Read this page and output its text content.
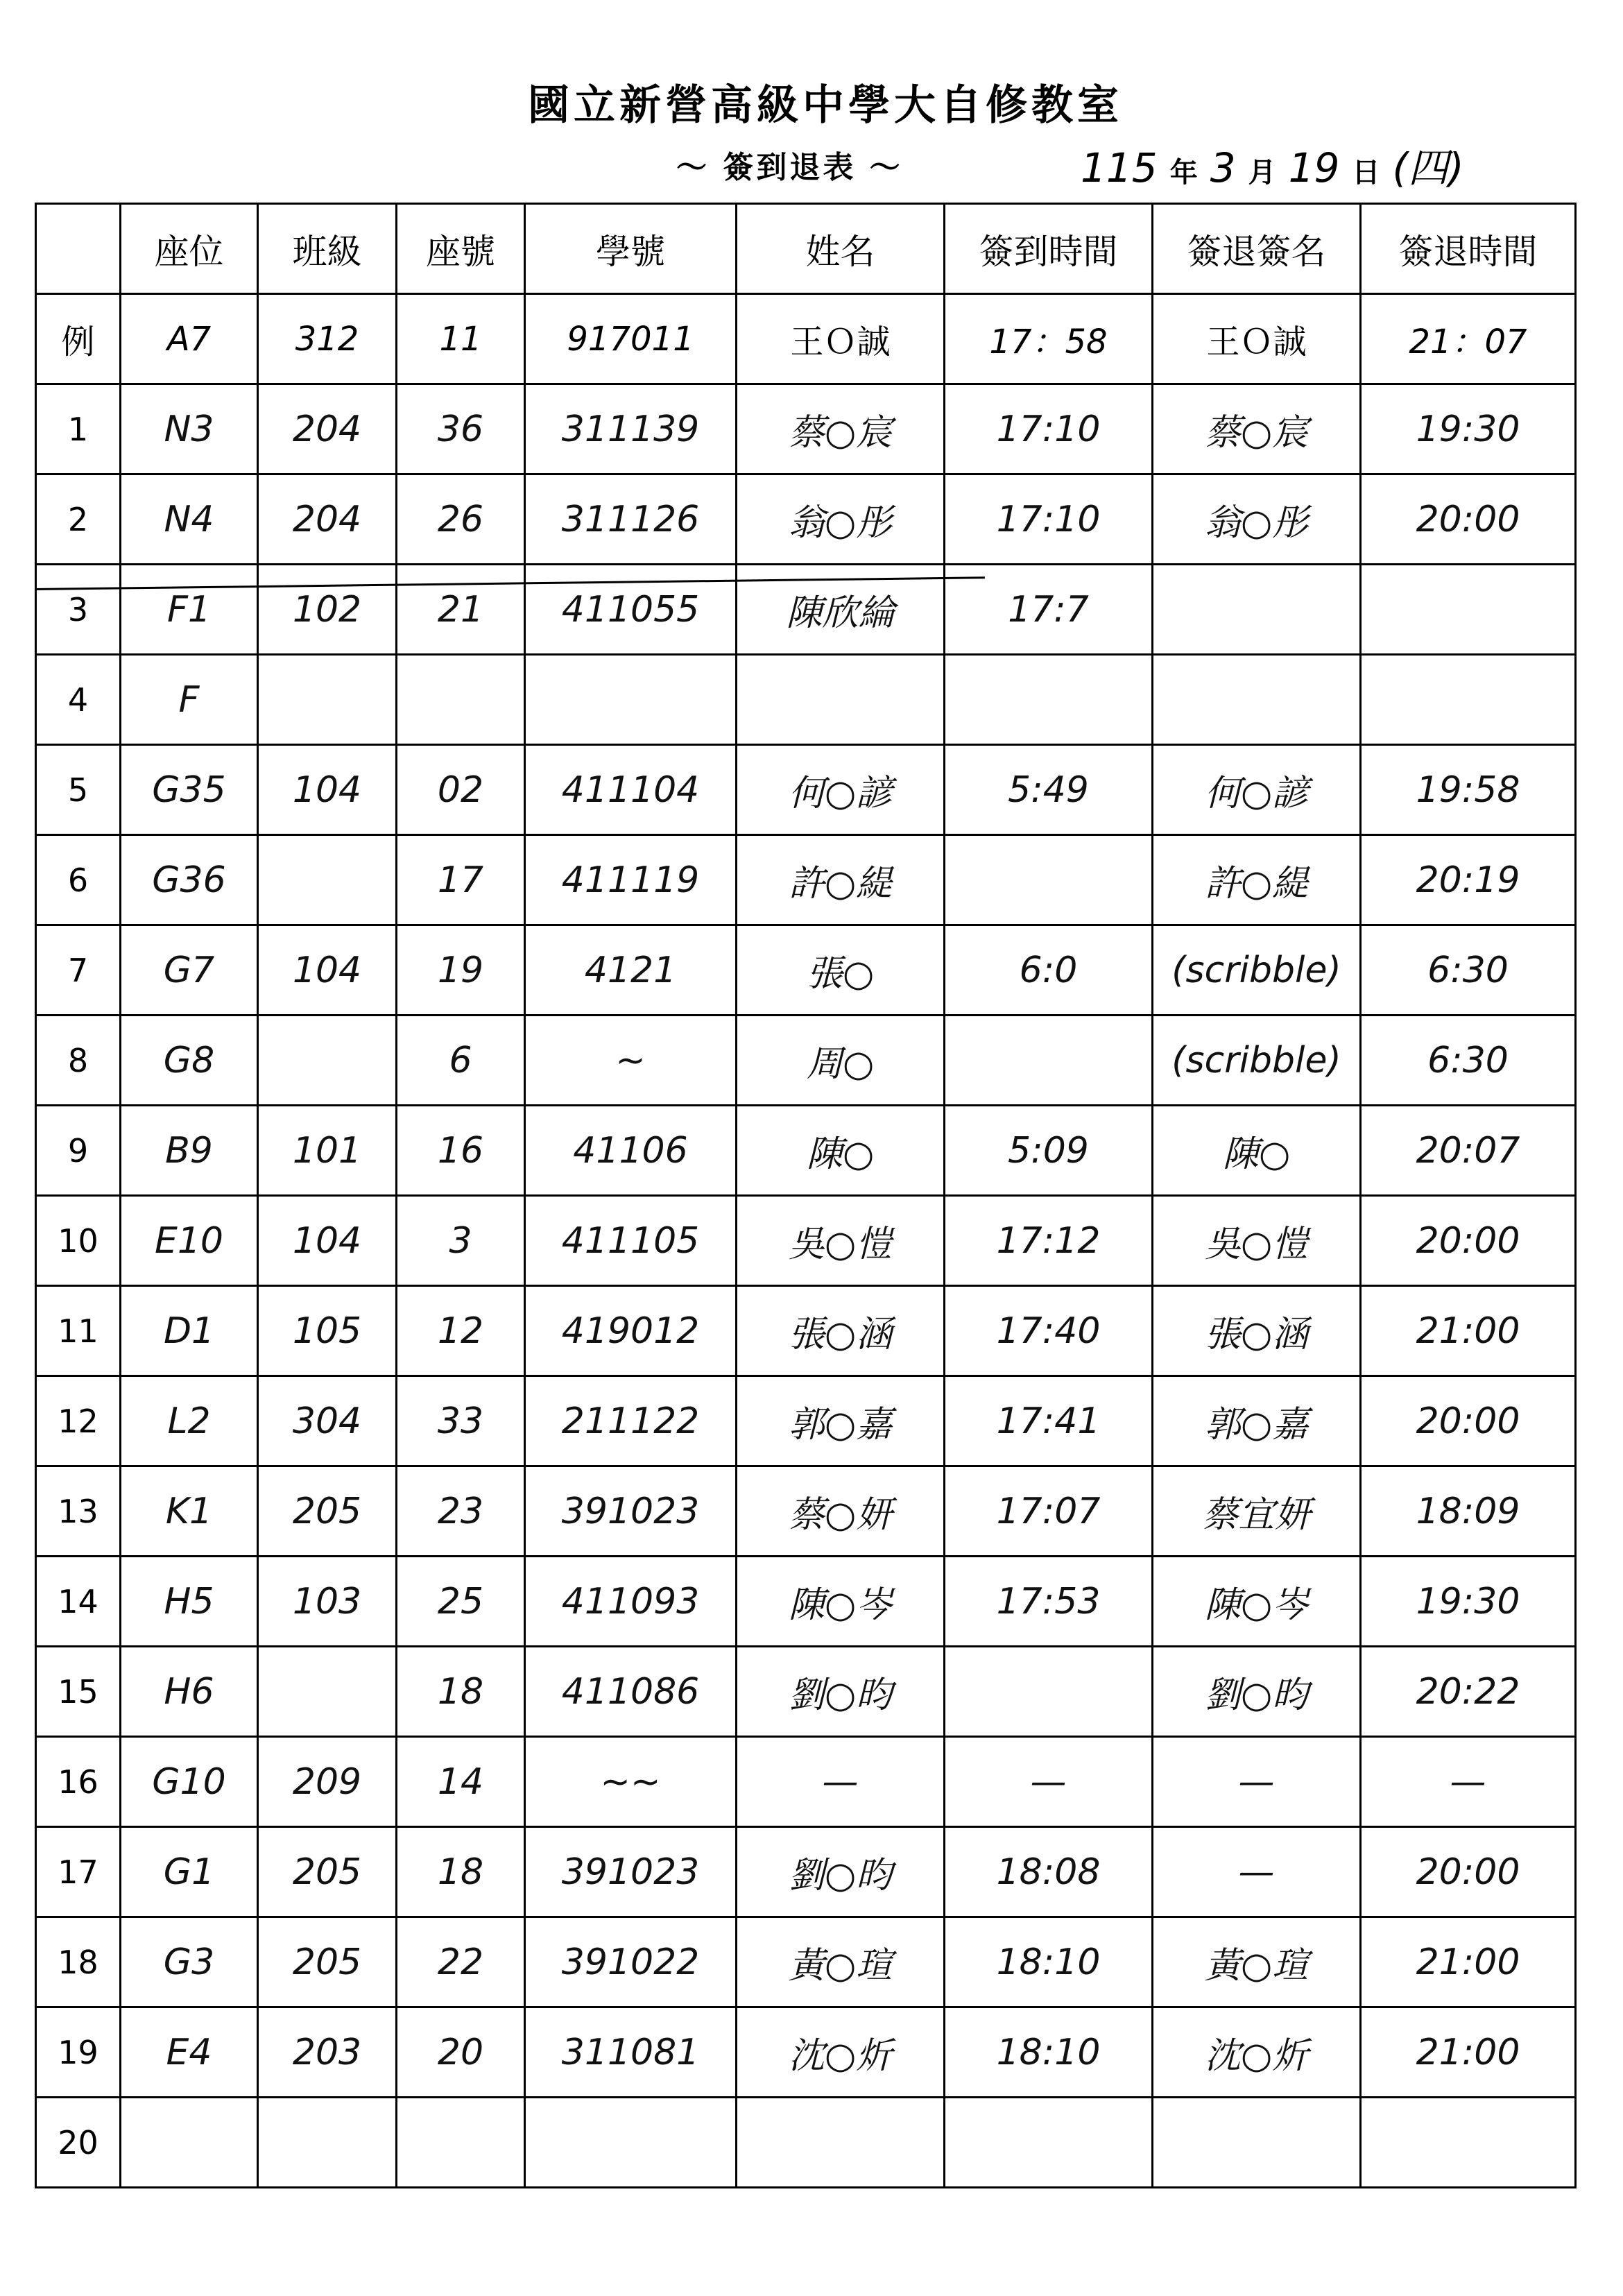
國立新營高級中學大自修教室
～ 簽到退表 ～	115 年 3 月 19 日 (四)
	座位	班級	座號	學號	姓名	簽到時間	簽退簽名	簽退時間
例	A7	312	11	917011	王Ｏ誠	17：58	王Ｏ誠	21：07
1	N3	204	36	311139	蔡○宸	17:10	蔡○宸	19:30
2	N4	204	26	311126	翁○彤	17:10	翁○彤	20:00
3	F1	102	21	411055	陳欣綸	17:7		
4	F							
5	G35	104	02	411104	何○諺	5:49	何○諺	19:58
6	G36		17	411119	許○緹		許○緹	20:19
7	G7	104	19	4121	張○	6:0	(scribble)	6:30
8	G8		6	~	周○		(scribble)	6:30
9	B9	101	16	41106	陳○	5:09	陳○	20:07
10	E10	104	3	411105	吳○愷	17:12	吳○愷	20:00
11	D1	105	12	419012	張○涵	17:40	張○涵	21:00
12	L2	304	33	211122	郭○嘉	17:41	郭○嘉	20:00
13	K1	205	23	391023	蔡○妍	17:07	蔡宜妍	18:09
14	H5	103	25	411093	陳○岑	17:53	陳○岑	19:30
15	H6		18	411086	劉○昀		劉○昀	20:22
16	G10	209	14	~~	—	—	—	—
17	G1	205	18	391023	劉○昀	18:08	—	20:00
18	G3	205	22	391022	黃○瑄	18:10	黃○瑄	21:00
19	E4	203	20	311081	沈○炘	18:10	沈○炘	21:00
20								
